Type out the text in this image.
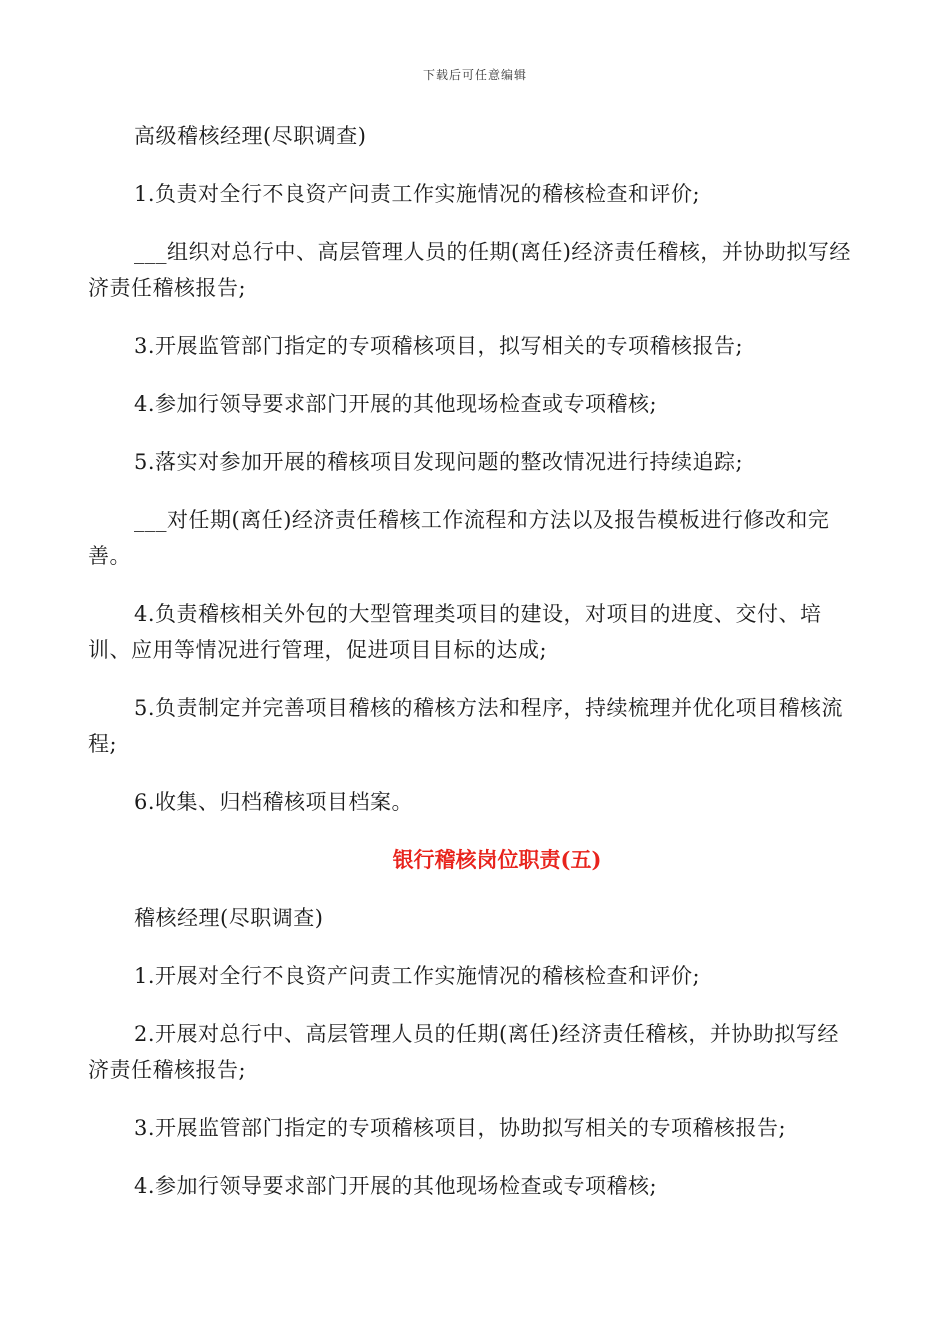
下载后可任意编辑

高级稽核经理(尽职调查)

1.负责对全行不良资产问责工作实施情况的稽核检查和评价;

___组织对总行中、高层管理人员的任期(离任)经济责任稽核，并协助拟写经济责任稽核报告;

3.开展监管部门指定的专项稽核项目，拟写相关的专项稽核报告;

4.参加行领导要求部门开展的其他现场检查或专项稽核;

5.落实对参加开展的稽核项目发现问题的整改情况进行持续追踪;

___对任期(离任)经济责任稽核工作流程和方法以及报告模板进行修改和完善。

4.负责稽核相关外包的大型管理类项目的建设，对项目的进度、交付、培训、应用等情况进行管理，促进项目目标的达成;

5.负责制定并完善项目稽核的稽核方法和程序，持续梳理并优化项目稽核流程;

6.收集、归档稽核项目档案。

银行稽核岗位职责(五)

稽核经理(尽职调查)

1.开展对全行不良资产问责工作实施情况的稽核检查和评价;

2.开展对总行中、高层管理人员的任期(离任)经济责任稽核，并协助拟写经济责任稽核报告;

3.开展监管部门指定的专项稽核项目，协助拟写相关的专项稽核报告;

4.参加行领导要求部门开展的其他现场检查或专项稽核;
